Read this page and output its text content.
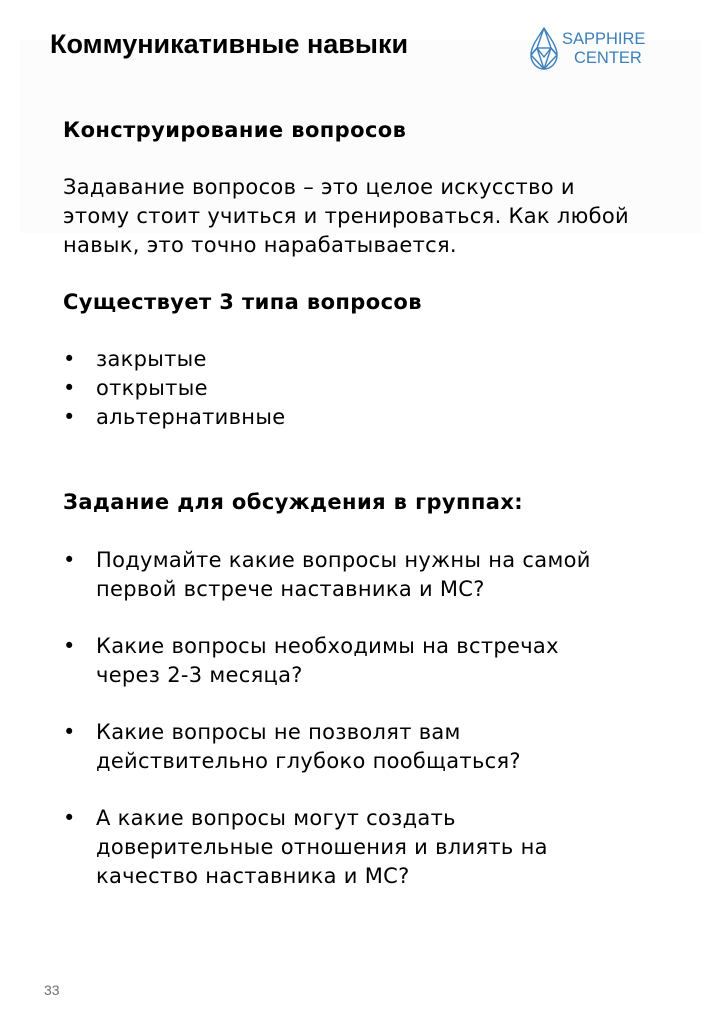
Коммуникативные навыки	SAPPHIRE
CENTER
Конструирование вопросов
Задавание вопросов – это целое искусство и
этому стоит учиться и тренироваться. Как любой
навык, это точно нарабатывается.
Существует 3 типа вопросов
• закрытые
• открытые
• альтернативные
Задание для обсуждения в группах:
• Подумайте какие вопросы нужны на самой
первой встрече наставника и МС?
• Какие вопросы необходимы на встречах
через 2-3 месяца?
• Какие вопросы не позволят вам
действительно глубоко пообщаться?
• А какие вопросы могут создать
доверительные отношения и влиять на
качество наставника и МС?
33
